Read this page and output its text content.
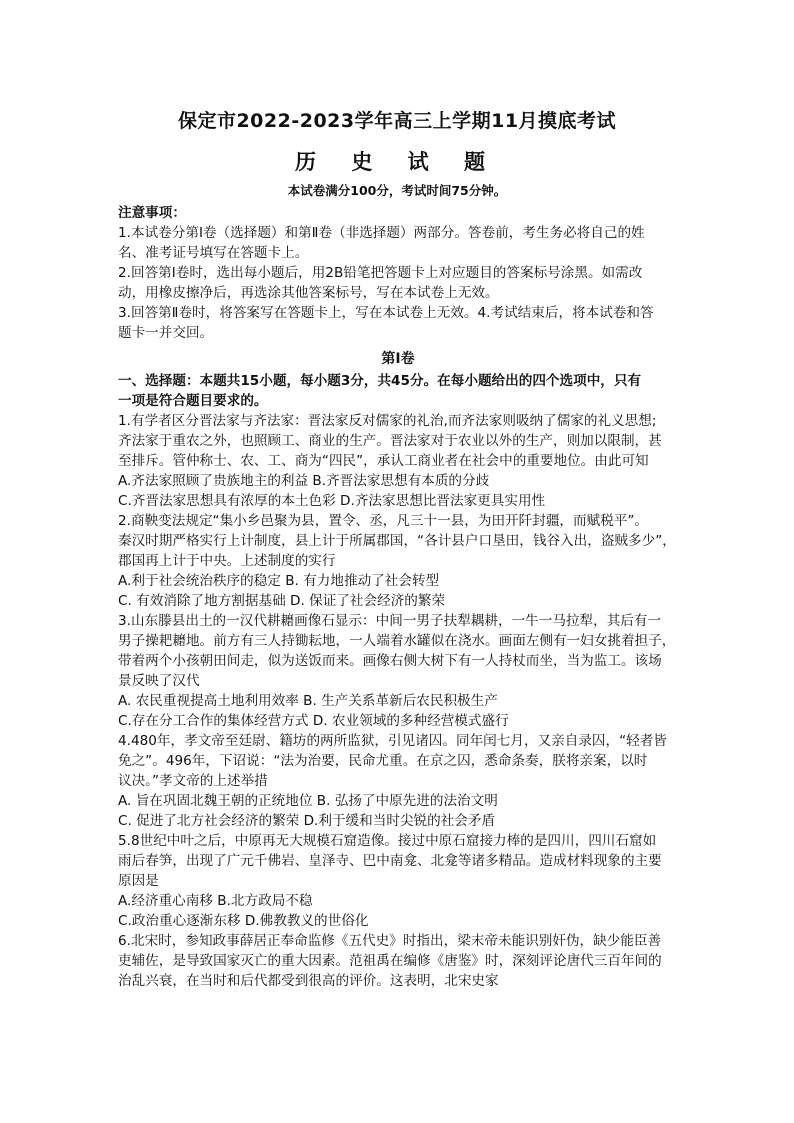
保定市2022-2023学年高三上学期11月摸底考试
历 史 试 题
本试卷满分100分，考试时间75分钟。
注意事项：
1.本试卷分第Ⅰ卷（选择题）和第Ⅱ卷（非选择题）两部分。答卷前，考生务必将自己的姓
名、准考证号填写在答题卡上。
2.回答第Ⅰ卷时，选出每小题后，用2B铅笔把答题卡上对应题目的答案标号涂黑。如需改
动，用橡皮擦净后，再选涂其他答案标号，写在本试卷上无效。
3.回答第Ⅱ卷时，将答案写在答题卡上，写在本试卷上无效。4.考试结束后，将本试卷和答
题卡一并交回。
第Ⅰ卷
一、选择题：本题共15小题，每小题3分，共45分。在每小题给出的四个选项中，只有
一项是符合题目要求的。
1.有学者区分晋法家与齐法家：晋法家反对儒家的礼治,而齐法家则吸纳了儒家的礼义思想;
齐法家于重农之外，也照顾工、商业的生产。晋法家对于农业以外的生产，则加以限制，甚
至排斥。管仲称士、农、工、商为“四民”，承认工商业者在社会中的重要地位。由此可知
A.齐法家照顾了贵族地主的利益 B.齐晋法家思想有本质的分歧
C.齐晋法家思想具有浓厚的本土色彩 D.齐法家思想比晋法家更具实用性
2.商鞅变法规定“集小乡邑聚为县，置令、丞，凡三十一县，为田开阡封疆，而赋税平”。
秦汉时期严格实行上计制度，县上计于所属郡国，“各计县户口垦田，钱谷入出，盗贼多少”，
郡国再上计于中央。上述制度的实行
A.利于社会统治秩序的稳定 B. 有力地推动了社会转型
C. 有效消除了地方割据基础 D. 保证了社会经济的繁荣
3.山东滕县出土的一汉代耕耱画像石显示：中间一男子扶犁耦耕，一牛一马拉犁，其后有一
男子操耙耱地。前方有三人持锄耘地，一人端着水罐似在浇水。画面左侧有一妇女挑着担子，
带着两个小孩朝田间走，似为送饭而来。画像右侧大树下有一人持杖而坐，当为监工。该场
景反映了汉代
A. 农民重视提高土地利用效率 B. 生产关系革新后农民积极生产
C.存在分工合作的集体经营方式 D. 农业领域的多种经营模式盛行
4.480年，孝文帝至廷尉、籍坊的两所监狱，引见诸囚。同年闰七月，又亲自录囚，“轻者皆
免之”。496年，下诏说：“法为治要，民命尤重。在京之囚，悉命条奏，朕将亲案，以时
议决。”孝文帝的上述举措
A. 旨在巩固北魏王朝的正统地位 B. 弘扬了中原先进的法治文明
C. 促进了北方社会经济的繁荣 D.利于缓和当时尖锐的社会矛盾
5.8世纪中叶之后，中原再无大规模石窟造像。接过中原石窟接力棒的是四川，四川石窟如
雨后春笋，出现了广元千佛岩、皇泽寺、巴中南龛、北龛等诸多精品。造成材料现象的主要
原因是
A.经济重心南移 B.北方政局不稳
C.政治重心逐渐东移 D.佛教教义的世俗化
6.北宋时，参知政事薛居正奉命监修《五代史》时指出，梁末帝未能识别奸伪，缺少能臣善
吏辅佐，是导致国家灭亡的重大因素。范祖禹在编修《唐鉴》时，深刻评论唐代三百年间的
治乱兴衰，在当时和后代都受到很高的评价。这表明，北宋史家
